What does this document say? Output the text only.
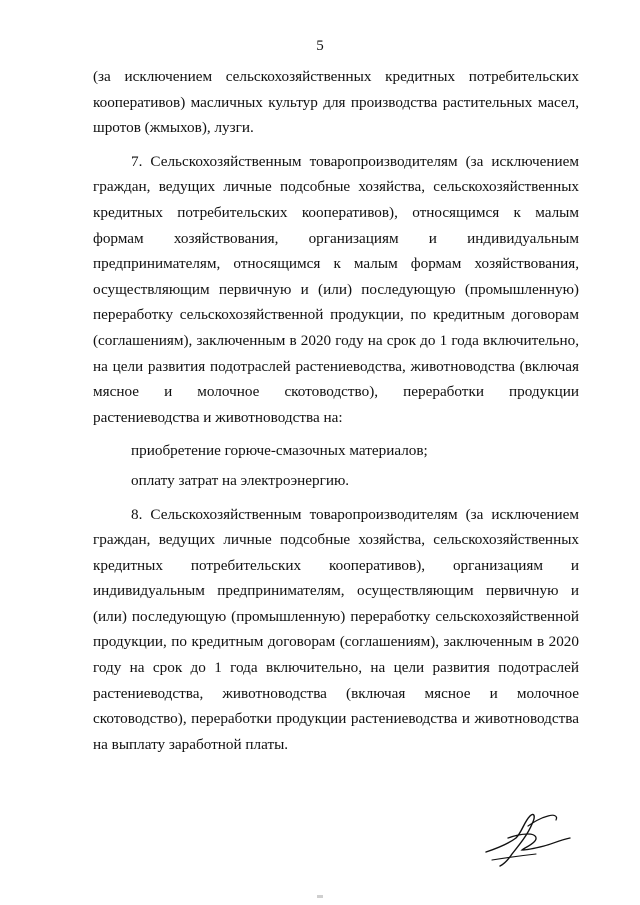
5

(за исключением сельскохозяйственных кредитных потребительских кооперативов) масличных культур для производства растительных масел, шротов (жмыхов), лузги.

7. Сельскохозяйственным товаропроизводителям (за исключением граждан, ведущих личные подсобные хозяйства, сельскохозяйственных кредитных потребительских кооперативов), относящимся к малым формам хозяйствования, организациям и индивидуальным предпринимателям, относящимся к малым формам хозяйствования, осуществляющим первичную и (или) последующую (промышленную) переработку сельскохозяйственной продукции, по кредитным договорам (соглашениям), заключенным в 2020 году на срок до 1 года включительно, на цели развития подотраслей растениеводства, животноводства (включая мясное и молочное скотоводство), переработки продукции растениеводства и животноводства на:

приобретение горюче-смазочных материалов;

оплату затрат на электроэнергию.

8. Сельскохозяйственным товаропроизводителям (за исключением граждан, ведущих личные подсобные хозяйства, сельскохозяйственных кредитных потребительских кооперативов), организациям и индивидуальным предпринимателям, осуществляющим первичную и (или) последующую (промышленную) переработку сельскохозяйственной продукции, по кредитным договорам (соглашениям), заключенным в 2020 году на срок до 1 года включительно, на цели развития подотраслей растениеводства, животноводства (включая мясное и молочное скотоводство), переработки продукции растениеводства и животноводства на выплату заработной платы.
